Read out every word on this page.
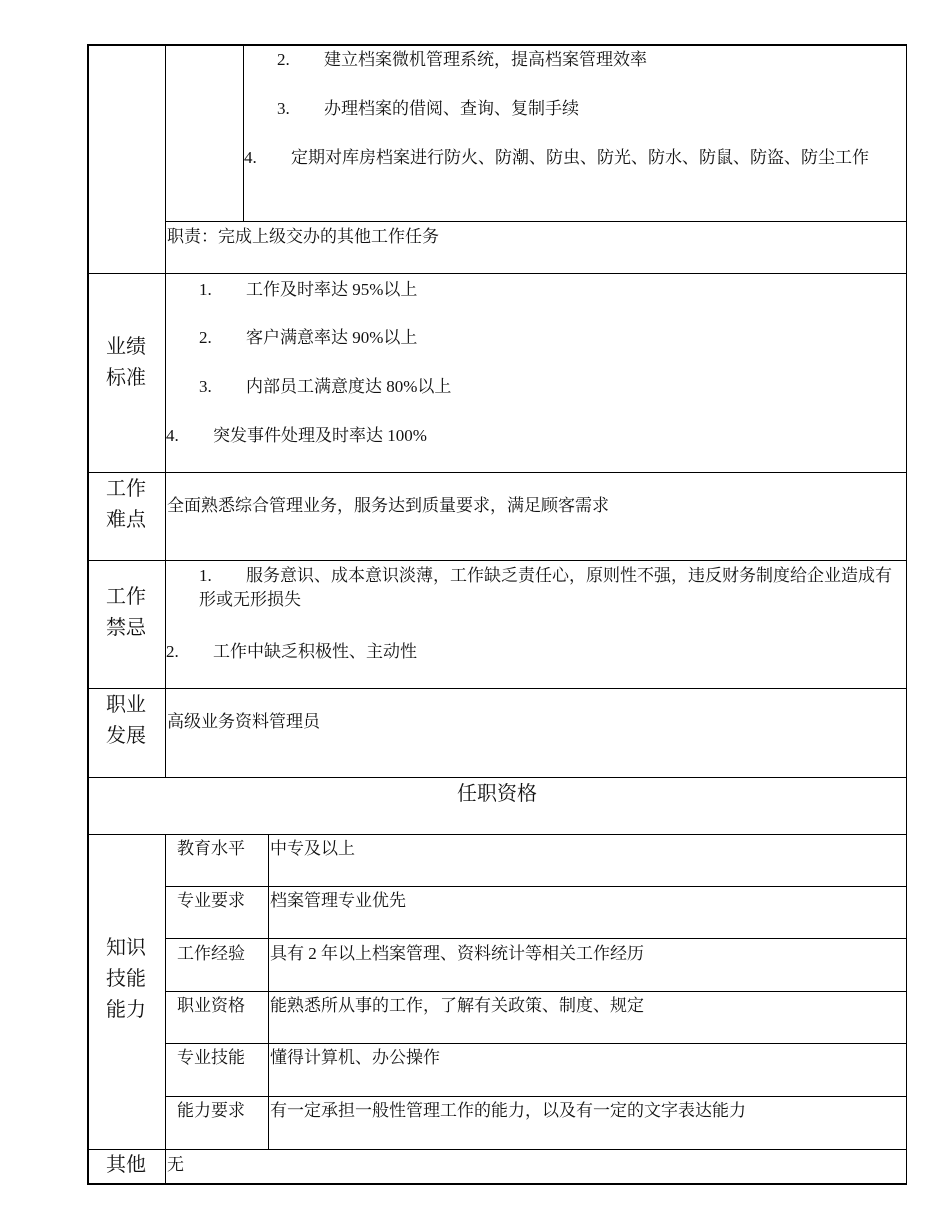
2. 建立档案微机管理系统，提高档案管理效率
3. 办理档案的借阅、查询、复制手续
4. 定期对库房档案进行防火、防潮、防虫、防光、防水、防鼠、防盗、防尘工作
职责：完成上级交办的其他工作任务
业绩
标准
1. 工作及时率达 95%以上
2. 客户满意率达 90%以上
3. 内部员工满意度达 80%以上
4. 突发事件处理及时率达 100%
工作
难点
全面熟悉综合管理业务，服务达到质量要求，满足顾客需求
工作
禁忌
1. 服务意识、成本意识淡薄，工作缺乏责任心，原则性不强，违反财务制度给企业造成有形或无形损失
2. 工作中缺乏积极性、主动性
职业
发展
高级业务资料管理员
任职资格
知识
技能
能力
教育水平 中专及以上
专业要求 档案管理专业优先
工作经验 具有 2 年以上档案管理、资料统计等相关工作经历
职业资格 能熟悉所从事的工作，了解有关政策、制度、规定
专业技能 懂得计算机、办公操作
能力要求 有一定承担一般性管理工作的能力，以及有一定的文字表达能力
其他	无
